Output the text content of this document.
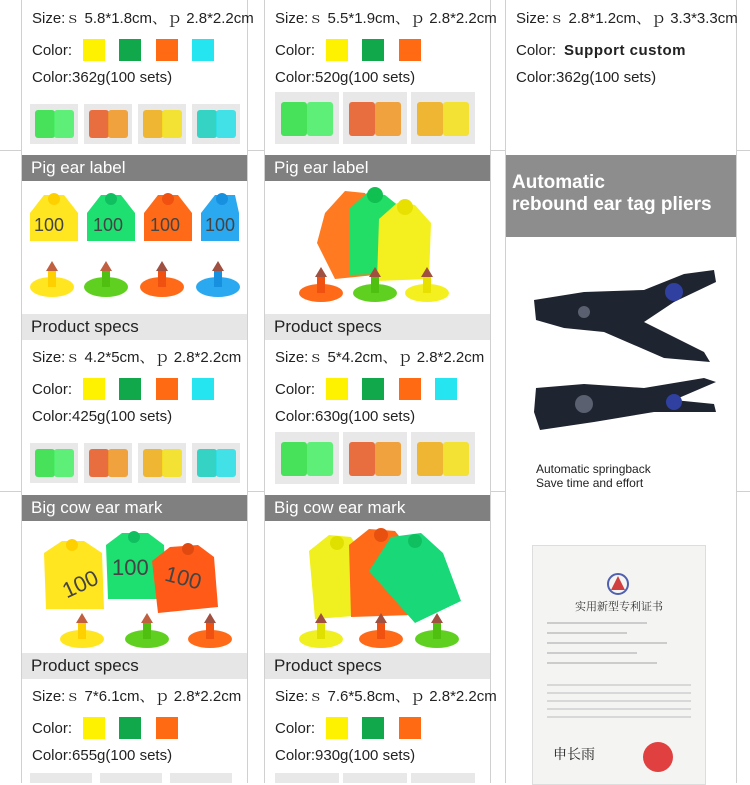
Size:ｓ 5.8*1.8cm、ｐ 2.8*2.2cm
Color:
Color:362g(100 sets)
Pig ear label
100 100 100 100
Product specs
Size:ｓ 4.2*5cm、ｐ 2.8*2.2cm
Color:
Color:425g(100 sets)
Big cow ear mark
100 100 100
Product specs
Size:ｓ 7*6.1cm、ｐ 2.8*2.2cm
Color:
Color:655g(100 sets)
Size:ｓ 5.5*1.9cm、ｐ 2.8*2.2cm
Color:
Color:520g(100 sets)
Pig ear label
Product specs
Size:ｓ 5*4.2cm、ｐ 2.8*2.2cm
Color:
Color:630g(100 sets)
Big cow ear mark
Product specs
Size:ｓ 7.6*5.8cm、ｐ 2.8*2.2cm
Color:
Color:930g(100 sets)
Size:ｓ 2.8*1.2cm、ｐ 3.3*3.3cm
Color: Support custom
Color:362g(100 sets)
Automatic
rebound ear tag pliers
Automatic springback
Save time and effort
实用新型专利证书
申长雨
